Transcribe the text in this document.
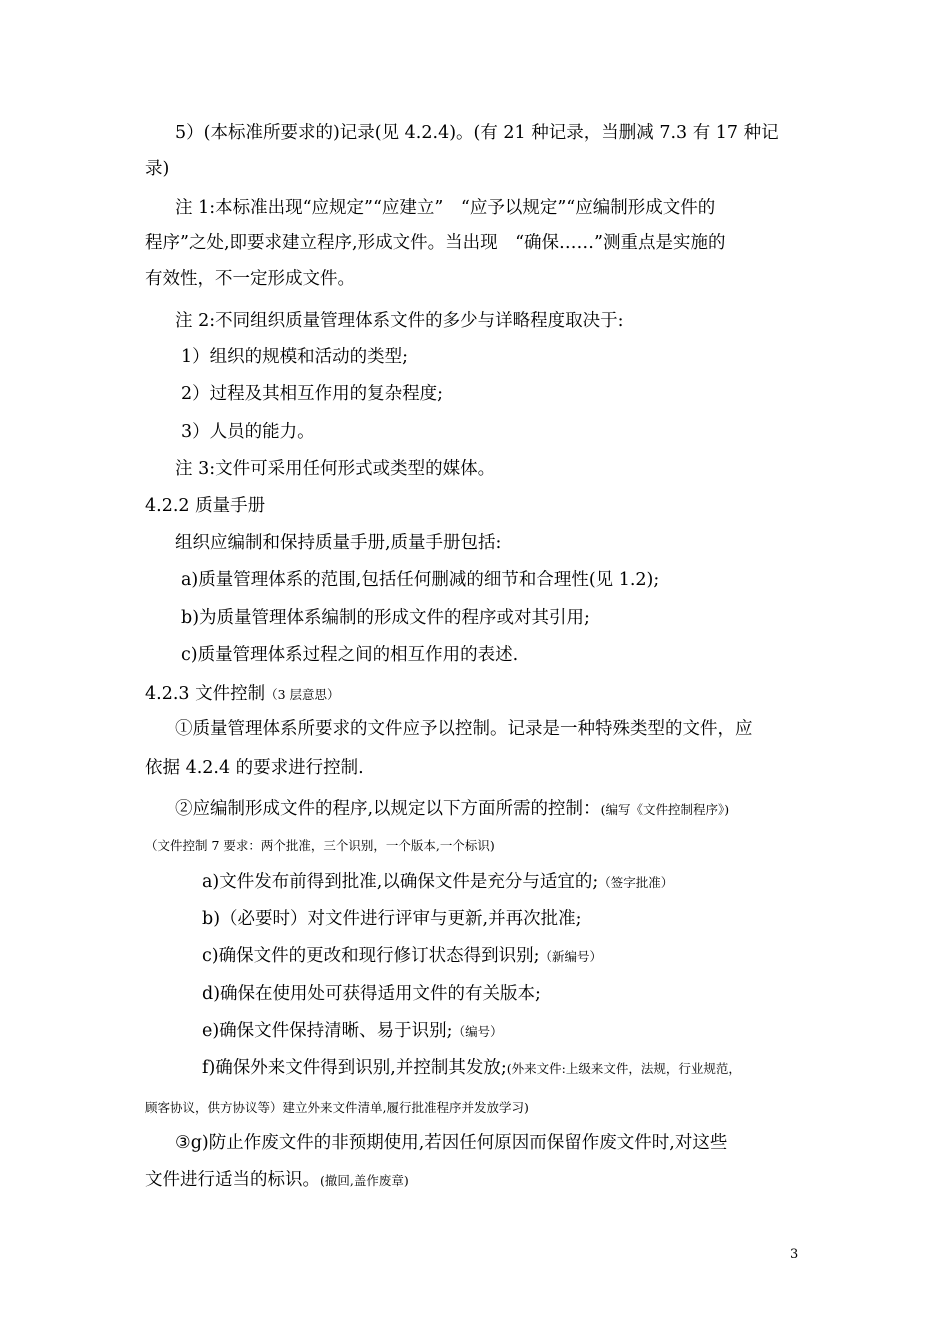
5）(本标准所要求的)记录(见 4.2.4)。(有 21 种记录，当删减 7.3 有 17 种记
录)
注 1:本标准出现“应规定”“应建立”　“应予以规定”“应编制形成文件的
程序”之处,即要求建立程序,形成文件。当出现　“确保……”测重点是实施的
有效性，不一定形成文件。
注 2:不同组织质量管理体系文件的多少与详略程度取决于:
1）组织的规模和活动的类型;
2）过程及其相互作用的复杂程度;
3）人员的能力。
注 3:文件可采用任何形式或类型的媒体。
4.2.2 质量手册
组织应编制和保持质量手册,质量手册包括:
a)质量管理体系的范围,包括任何删减的细节和合理性(见 1.2);
b)为质量管理体系编制的形成文件的程序或对其引用;
c)质量管理体系过程之间的相互作用的表述.
4.2.3 文件控制（3 层意思）
①质量管理体系所要求的文件应予以控制。记录是一种特殊类型的文件，应
依据 4.2.4 的要求进行控制.
②应编制形成文件的程序,以规定以下方面所需的控制：(编写《文件控制程序》)
（文件控制 7 要求：两个批准，三个识别，一个版本,一个标识)
a)文件发布前得到批准,以确保文件是充分与适宜的;（签字批准）
b)（必要时）对文件进行评审与更新,并再次批准;
c)确保文件的更改和现行修订状态得到识别;（新编号）
d)确保在使用处可获得适用文件的有关版本;
e)确保文件保持清晰、易于识别;（编号）
f)确保外来文件得到识别,并控制其发放;(外来文件:上级来文件，法规，行业规范，
顾客协议，供方协议等）建立外来文件清单,履行批准程序并发放学习)
③g)防止作废文件的非预期使用,若因任何原因而保留作废文件时,对这些
文件进行适当的标识。(撤回,盖作废章)
3
